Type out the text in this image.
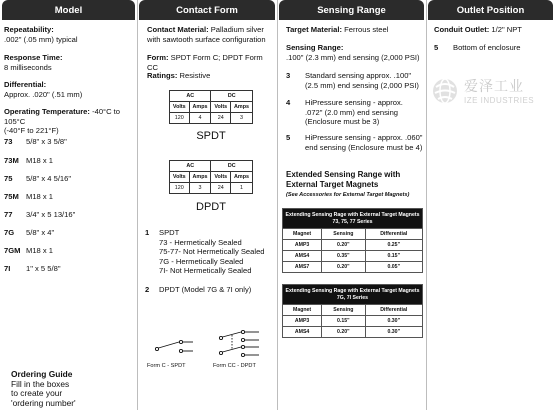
Model
Repeatability:
.002" (.05 mm) typical
Response Time:
8 milliseconds
Differential:
Approx. .020" (.51 mm)
Operating Temperature: -40°C to 105°C
(-40°F to 221°F)
73	5/8" x 3 5/8"
73M M18 x 1
75	5/8" x 4 5/16"
75M M18 x 1
77	3/4" x 5 13/16"
7G	5/8" x 4"
7GM M18 x 1
7I	1" x 5 5/8"
Ordering Guide
Fill in the boxes
to create your
'ordering number'
Contact Form
Contact Material: Palladium silver with sawtooth surface configuration
Form: SPDT Form C; DPDT Form CC
Ratings: Resistive
AC		DC	
Volts	Amps	Volts	Amps
120	4	24	3
SPDT
AC		DC	
Volts	Amps	Volts	Amps
120	3	24	1
DPDT
1	SPDT
73 - Hermetically Sealed
75-77- Not Hermetically Sealed
7G - Hermetically Sealed
7I- Not Hermetically Sealed
2	DPDT (Model 7G & 7I only)
Form C - SPDT	Form CC - DPDT
Sensing Range
Target Material: Ferrous steel
Sensing Range:
.100" (2.3 mm) end sensing (2,000 PSI)
3	Standard sensing approx. .100"
(2.5 mm) end sensing (2,000 PSI)
4	HiPressure sensing - approx.
.072" (2.0 mm) end sensing
(Enclosure must be 3)
5	HiPressure sensing - approx. .060"
end sensing (Enclosure must be 4)
Extended Sensing Range with
External Target Magnets
(See Accessories for External Target Magnets)
Extending Sensing Rage with External Target Magnets
73, 75, 77 Series		

Magnet	Sensing	Differential
AMP3	0.20"	0.25"
AMS4	0.35"	0.15"
AMS7	0.20"	0.05"
Extending Sensing Rage with External Target Magnets
7G, 7I Series		

Magnet	Sensing	Differential
AMP3	0.15"	0.30"
AMS4	0.20"	0.30"
Outlet Position
Conduit Outlet: 1/2" NPT
5	Bottom of enclosure
爱泽工业
IZE INDUSTRIES
